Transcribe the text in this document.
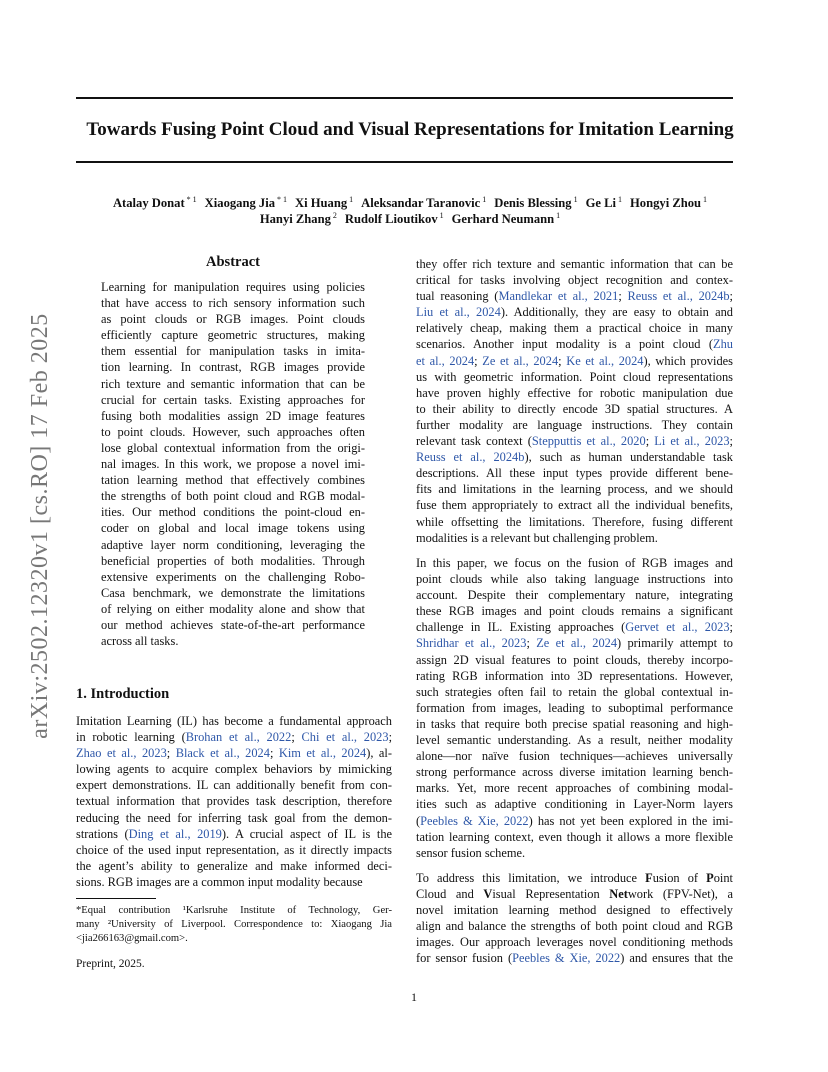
Towards Fusing Point Cloud and Visual Representations for Imitation Learning
Atalay Donat $^{* 1}$ Xiaogang Jia $^{* 1}$ Xi Huang $^1$ Aleksandar Taranovic $^1$ Denis Blessing $^1$ Ge Li $^1$ Hongyi Zhou $^1$
Hanyi Zhang $^2$ Rudolf Lioutikov $^1$ Gerhard Neumann $^1$
arXiv:2502.12320v1 [cs.RO] 17 Feb 2025
Abstract
Learning for manipulation requires using policies
that have access to rich sensory information such
as point clouds or RGB images. Point clouds
efficiently capture geometric structures, making
them essential for manipulation tasks in imita-
tion learning. In contrast, RGB images provide
rich texture and semantic information that can be
crucial for certain tasks. Existing approaches for
fusing both modalities assign 2D image features
to point clouds. However, such approaches often
lose global contextual information from the origi-
nal images. In this work, we propose a novel imi-
tation learning method that effectively combines
the strengths of both point cloud and RGB modal-
ities. Our method conditions the point-cloud en-
coder on global and local image tokens using
adaptive layer norm conditioning, leveraging the
beneficial properties of both modalities. Through
extensive experiments on the challenging Robo-
Casa benchmark, we demonstrate the limitations
of relying on either modality alone and show that
our method achieves state-of-the-art performance
across all tasks.
1. Introduction
Imitation Learning (IL) has become a fundamental approach
in robotic learning (Brohan et al., 2022; Chi et al., 2023;
Zhao et al., 2023; Black et al., 2024; Kim et al., 2024), al-
lowing agents to acquire complex behaviors by mimicking
expert demonstrations. IL can additionally benefit from con-
textual information that provides task description, therefore
reducing the need for inferring task goal from the demon-
strations (Ding et al., 2019). A crucial aspect of IL is the
choice of the used input representation, as it directly impacts
the agent’s ability to generalize and make informed deci-
sions. RGB images are a common input modality because
*Equal contribution ¹Karlsruhe Institute of Technology, Ger-
many ²University of Liverpool. Correspondence to: Xiaogang Jia
<jia266163@gmail.com>.
Preprint, 2025.
they offer rich texture and semantic information that can be
critical for tasks involving object recognition and contex-
tual reasoning (Mandlekar et al., 2021; Reuss et al., 2024b;
Liu et al., 2024). Additionally, they are easy to obtain and
relatively cheap, making them a practical choice in many
scenarios. Another input modality is a point cloud (Zhu
et al., 2024; Ze et al., 2024; Ke et al., 2024), which provides
us with geometric information. Point cloud representations
have proven highly effective for robotic manipulation due
to their ability to directly encode 3D spatial structures. A
further modality are language instructions. They contain
relevant task context (Stepputtis et al., 2020; Li et al., 2023;
Reuss et al., 2024b), such as human understandable task
descriptions. All these input types provide different bene-
fits and limitations in the learning process, and we should
fuse them appropriately to extract all the individual benefits,
while offsetting the limitations. Therefore, fusing different
modalities is a relevant but challenging problem.
In this paper, we focus on the fusion of RGB images and
point clouds while also taking language instructions into
account. Despite their complementary nature, integrating
these RGB images and point clouds remains a significant
challenge in IL. Existing approaches (Gervet et al., 2023;
Shridhar et al., 2023; Ze et al., 2024) primarily attempt to
assign 2D visual features to point clouds, thereby incorpo-
rating RGB information into 3D representations. However,
such strategies often fail to retain the global contextual in-
formation from images, leading to suboptimal performance
in tasks that require both precise spatial reasoning and high-
level semantic understanding. As a result, neither modality
alone—nor naïve fusion techniques—achieves universally
strong performance across diverse imitation learning bench-
marks. Yet, more recent approaches of combining modal-
ities such as adaptive conditioning in Layer-Norm layers
(Peebles & Xie, 2022) has not yet been explored in the imi-
tation learning context, even though it allows a more flexible
sensor fusion scheme.
To address this limitation, we introduce Fusion of Point
Cloud and Visual Representation Network (FPV-Net), a
novel imitation learning method designed to effectively
align and balance the strengths of both point cloud and RGB
images. Our approach leverages novel conditioning methods
for sensor fusion (Peebles & Xie, 2022) and ensures that the
1
